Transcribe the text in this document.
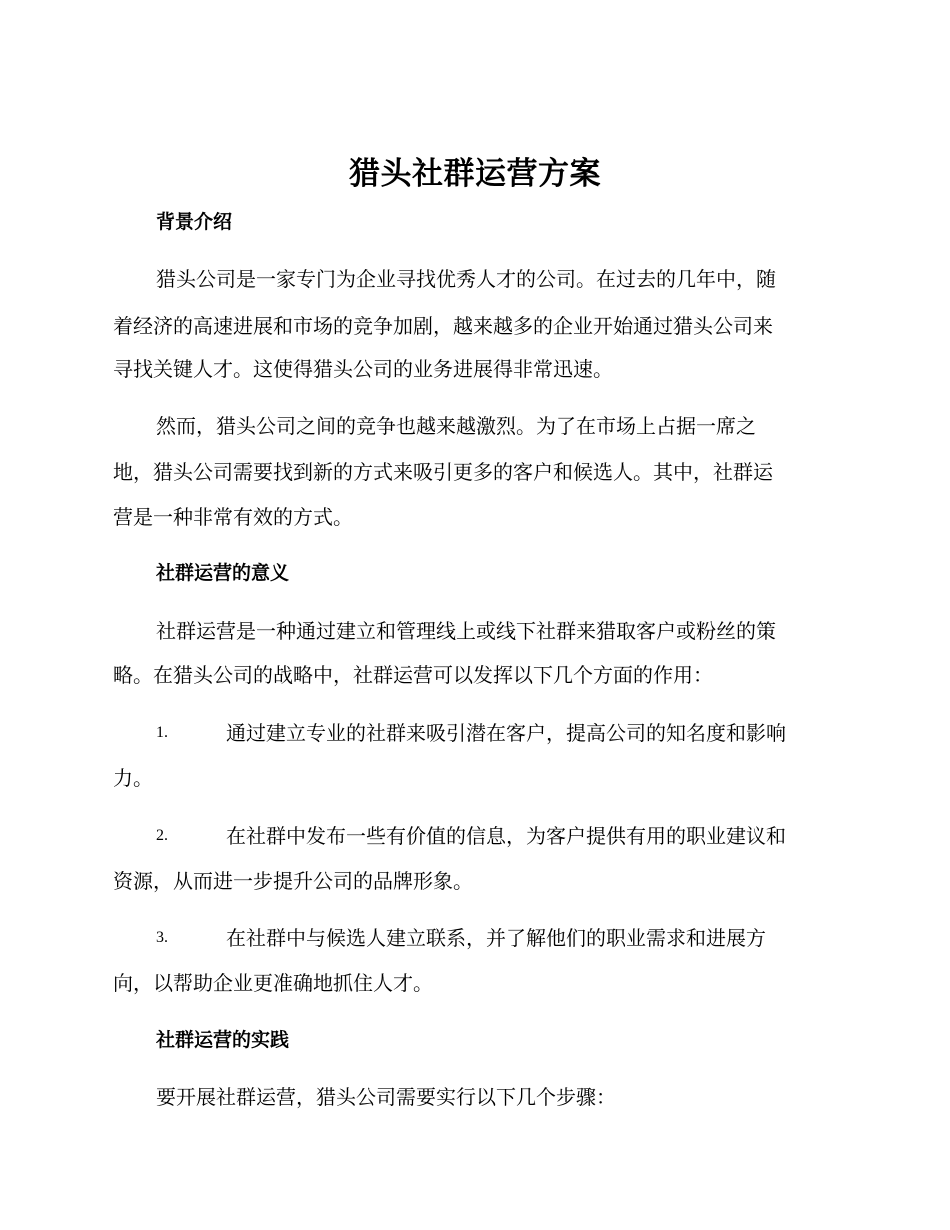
猎头社群运营方案
背景介绍
猎头公司是一家专门为企业寻找优秀人才的公司。在过去的几年中，随
着经济的高速进展和市场的竞争加剧，越来越多的企业开始通过猎头公司来
寻找关键人才。这使得猎头公司的业务进展得非常迅速。
然而，猎头公司之间的竞争也越来越激烈。为了在市场上占据一席之
地，猎头公司需要找到新的方式来吸引更多的客户和候选人。其中，社群运
营是一种非常有效的方式。
社群运营的意义
社群运营是一种通过建立和管理线上或线下社群来猎取客户或粉丝的策
略。在猎头公司的战略中，社群运营可以发挥以下几个方面的作用：
1.	通过建立专业的社群来吸引潜在客户，提高公司的知名度和影响
力。
2.	在社群中发布一些有价值的信息，为客户提供有用的职业建议和
资源，从而进一步提升公司的品牌形象。
3.	在社群中与候选人建立联系，并了解他们的职业需求和进展方
向，以帮助企业更准确地抓住人才。
社群运营的实践
要开展社群运营，猎头公司需要实行以下几个步骤：
